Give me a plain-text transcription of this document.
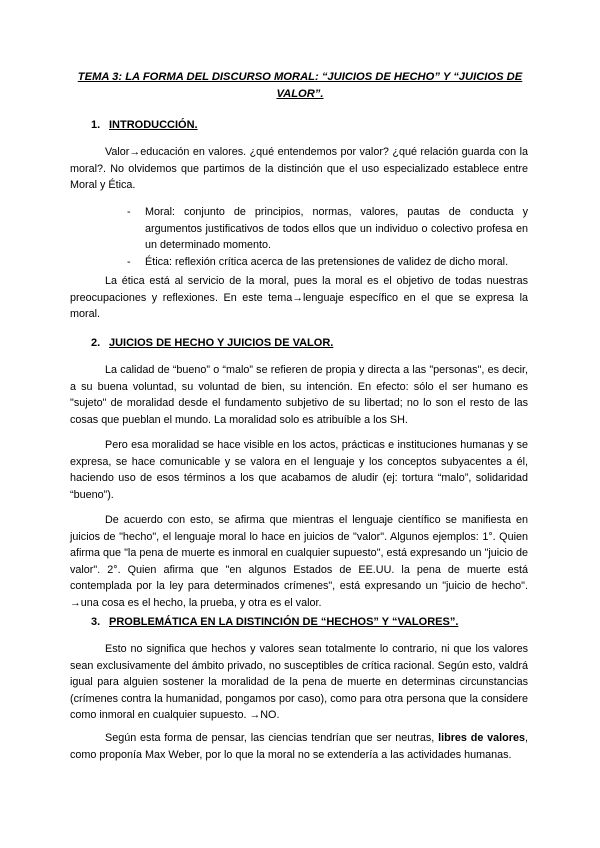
TEMA 3: LA FORMA DEL DISCURSO MORAL: “JUICIOS DE HECHO” Y “JUICIOS DE VALOR”.
1. INTRODUCCIÓN.

Valor→educación en valores. ¿qué entendemos por valor? ¿qué relación guarda con la moral?. No olvidemos que partimos de la distinción que el uso especializado establece entre Moral y Ética.

- Moral: conjunto de principios, normas, valores, pautas de conducta y argumentos justificativos de todos ellos que un individuo o colectivo profesa en un determinado momento.
- Ética: reflexión crítica acerca de las pretensiones de validez de dicho moral.

La ética está al servicio de la moral, pues la moral es el objetivo de todas nuestras preocupaciones y reflexiones. En este tema→lenguaje específico en el que se expresa la moral.

2. JUICIOS DE HECHO Y JUICIOS DE VALOR.

La calidad de “bueno” o “malo” se refieren de propia y directa a las "personas", es decir, a su buena voluntad, su voluntad de bien, su intención. En efecto: sólo el ser humano es "sujeto" de moralidad desde el fundamento subjetivo de su libertad; no lo son el resto de las cosas que pueblan el mundo. La moralidad solo es atribuíble a los SH.

Pero esa moralidad se hace visible en los actos, prácticas e instituciones humanas y se expresa, se hace comunicable y se valora en el lenguaje y los conceptos subyacentes a él, haciendo uso de esos términos a los que acabamos de aludir (ej: tortura “malo”, solidaridad “bueno”).

De acuerdo con esto, se afirma que mientras el lenguaje científico se manifiesta en juicios de "hecho", el lenguaje moral lo hace en juicios de "valor". Algunos ejemplos: 1°. Quien afirma que "la pena de muerte es inmoral en cualquier supuesto", está expresando un "juicio de valor". 2°. Quien afirma que "en algunos Estados de EE.UU. la pena de muerte está contemplada por la ley para determinados crímenes", está expresando un "juicio de hecho". →una cosa es el hecho, la prueba, y otra es el valor.

3. PROBLEMÁTICA EN LA DISTINCIÓN DE “HECHOS” Y “VALORES”.

Esto no significa que hechos y valores sean totalmente lo contrario, ni que los valores sean exclusivamente del ámbito privado, no susceptibles de crítica racional. Según esto, valdrá igual para alguien sostener la moralidad de la pena de muerte en determinas circunstancias (crímenes contra la humanidad, pongamos por caso), como para otra persona que la considere como inmoral en cualquier supuesto. →NO.

Según esta forma de pensar, las ciencias tendrían que ser neutras, libres de valores, como proponía Max Weber, por lo que la moral no se extendería a las actividades humanas.
